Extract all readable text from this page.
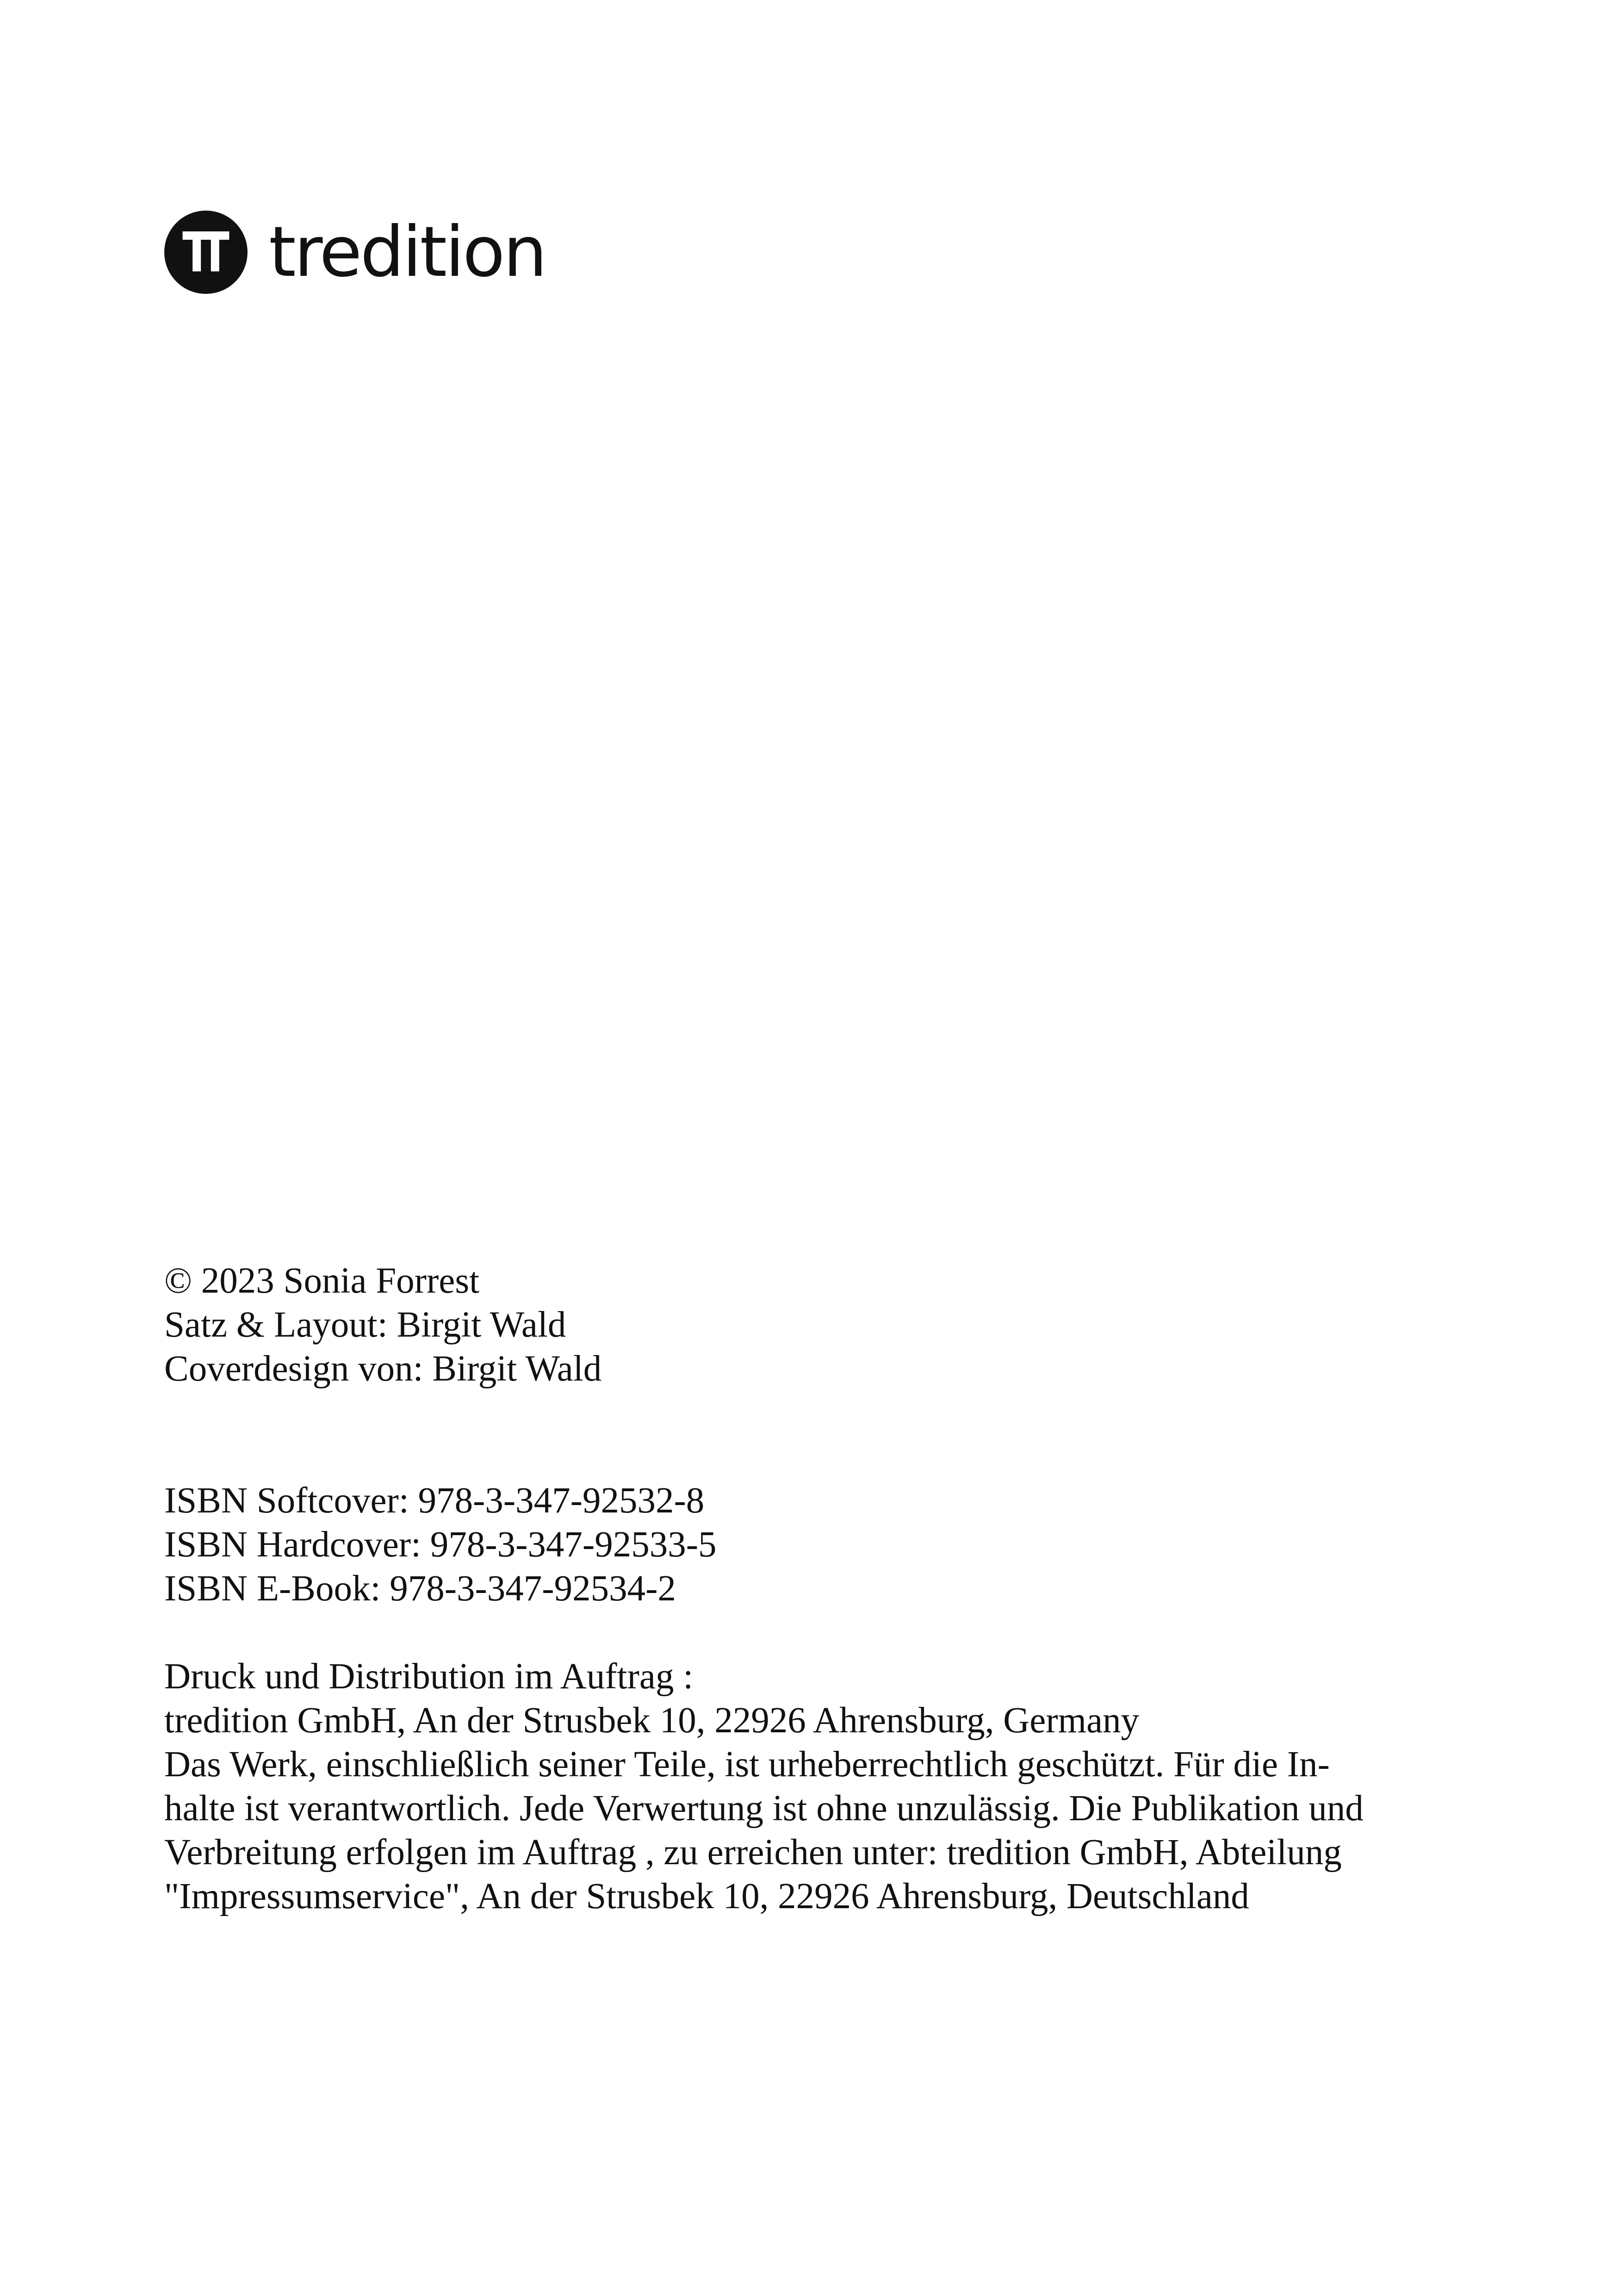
tredition
© 2023 Sonia Forrest
Satz & Layout: Birgit Wald
Coverdesign von: Birgit Wald
ISBN Softcover: 978-3-347-92532-8
ISBN Hardcover: 978-3-347-92533-5
ISBN E-Book: 978-3-347-92534-2
Druck und Distribution im Auftrag :
tredition GmbH, An der Strusbek 10, 22926 Ahrensburg, Germany
Das Werk, einschließlich seiner Teile, ist urheberrechtlich geschützt. Für die In-
halte ist verantwortlich. Jede Verwertung ist ohne unzulässig. Die Publikation und
Verbreitung erfolgen im Auftrag , zu erreichen unter: tredition GmbH, Abteilung
"Impressumservice", An der Strusbek 10, 22926 Ahrensburg, Deutschland
